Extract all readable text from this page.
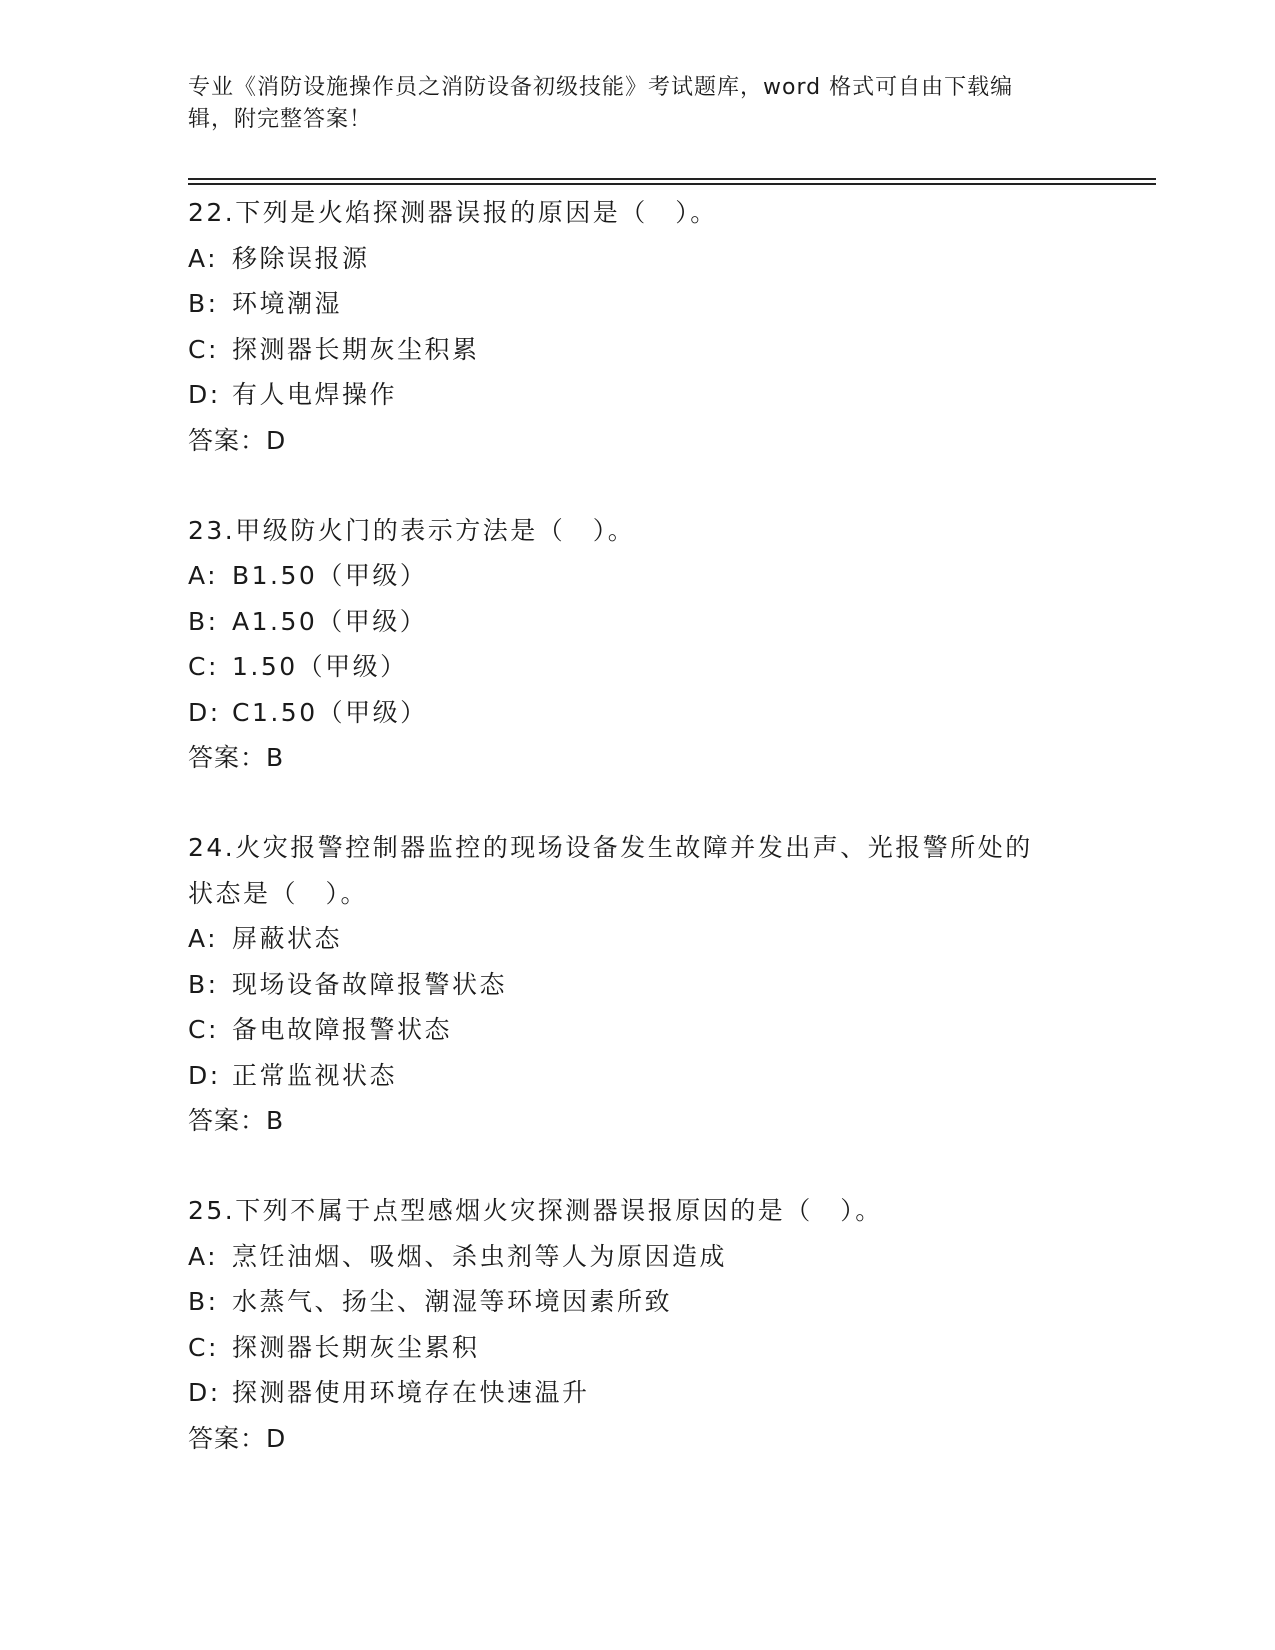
专业《消防设施操作员之消防设备初级技能》考试题库，word 格式可自由下载编
辑，附完整答案！
22.下列是火焰探测器误报的原因是（　）。
A: 移除误报源
B: 环境潮湿
C: 探测器长期灰尘积累
D: 有人电焊操作
答案：D
23.甲级防火门的表示方法是（　）。
A: B1.50（甲级）
B: A1.50（甲级）
C: 1.50（甲级）
D: C1.50（甲级）
答案：B
24.火灾报警控制器监控的现场设备发生故障并发出声、光报警所处的
状态是（　）。
A: 屏蔽状态
B: 现场设备故障报警状态
C: 备电故障报警状态
D: 正常监视状态
答案：B
25.下列不属于点型感烟火灾探测器误报原因的是（　）。
A: 烹饪油烟、吸烟、杀虫剂等人为原因造成
B: 水蒸气、扬尘、潮湿等环境因素所致
C: 探测器长期灰尘累积
D: 探测器使用环境存在快速温升
答案：D
